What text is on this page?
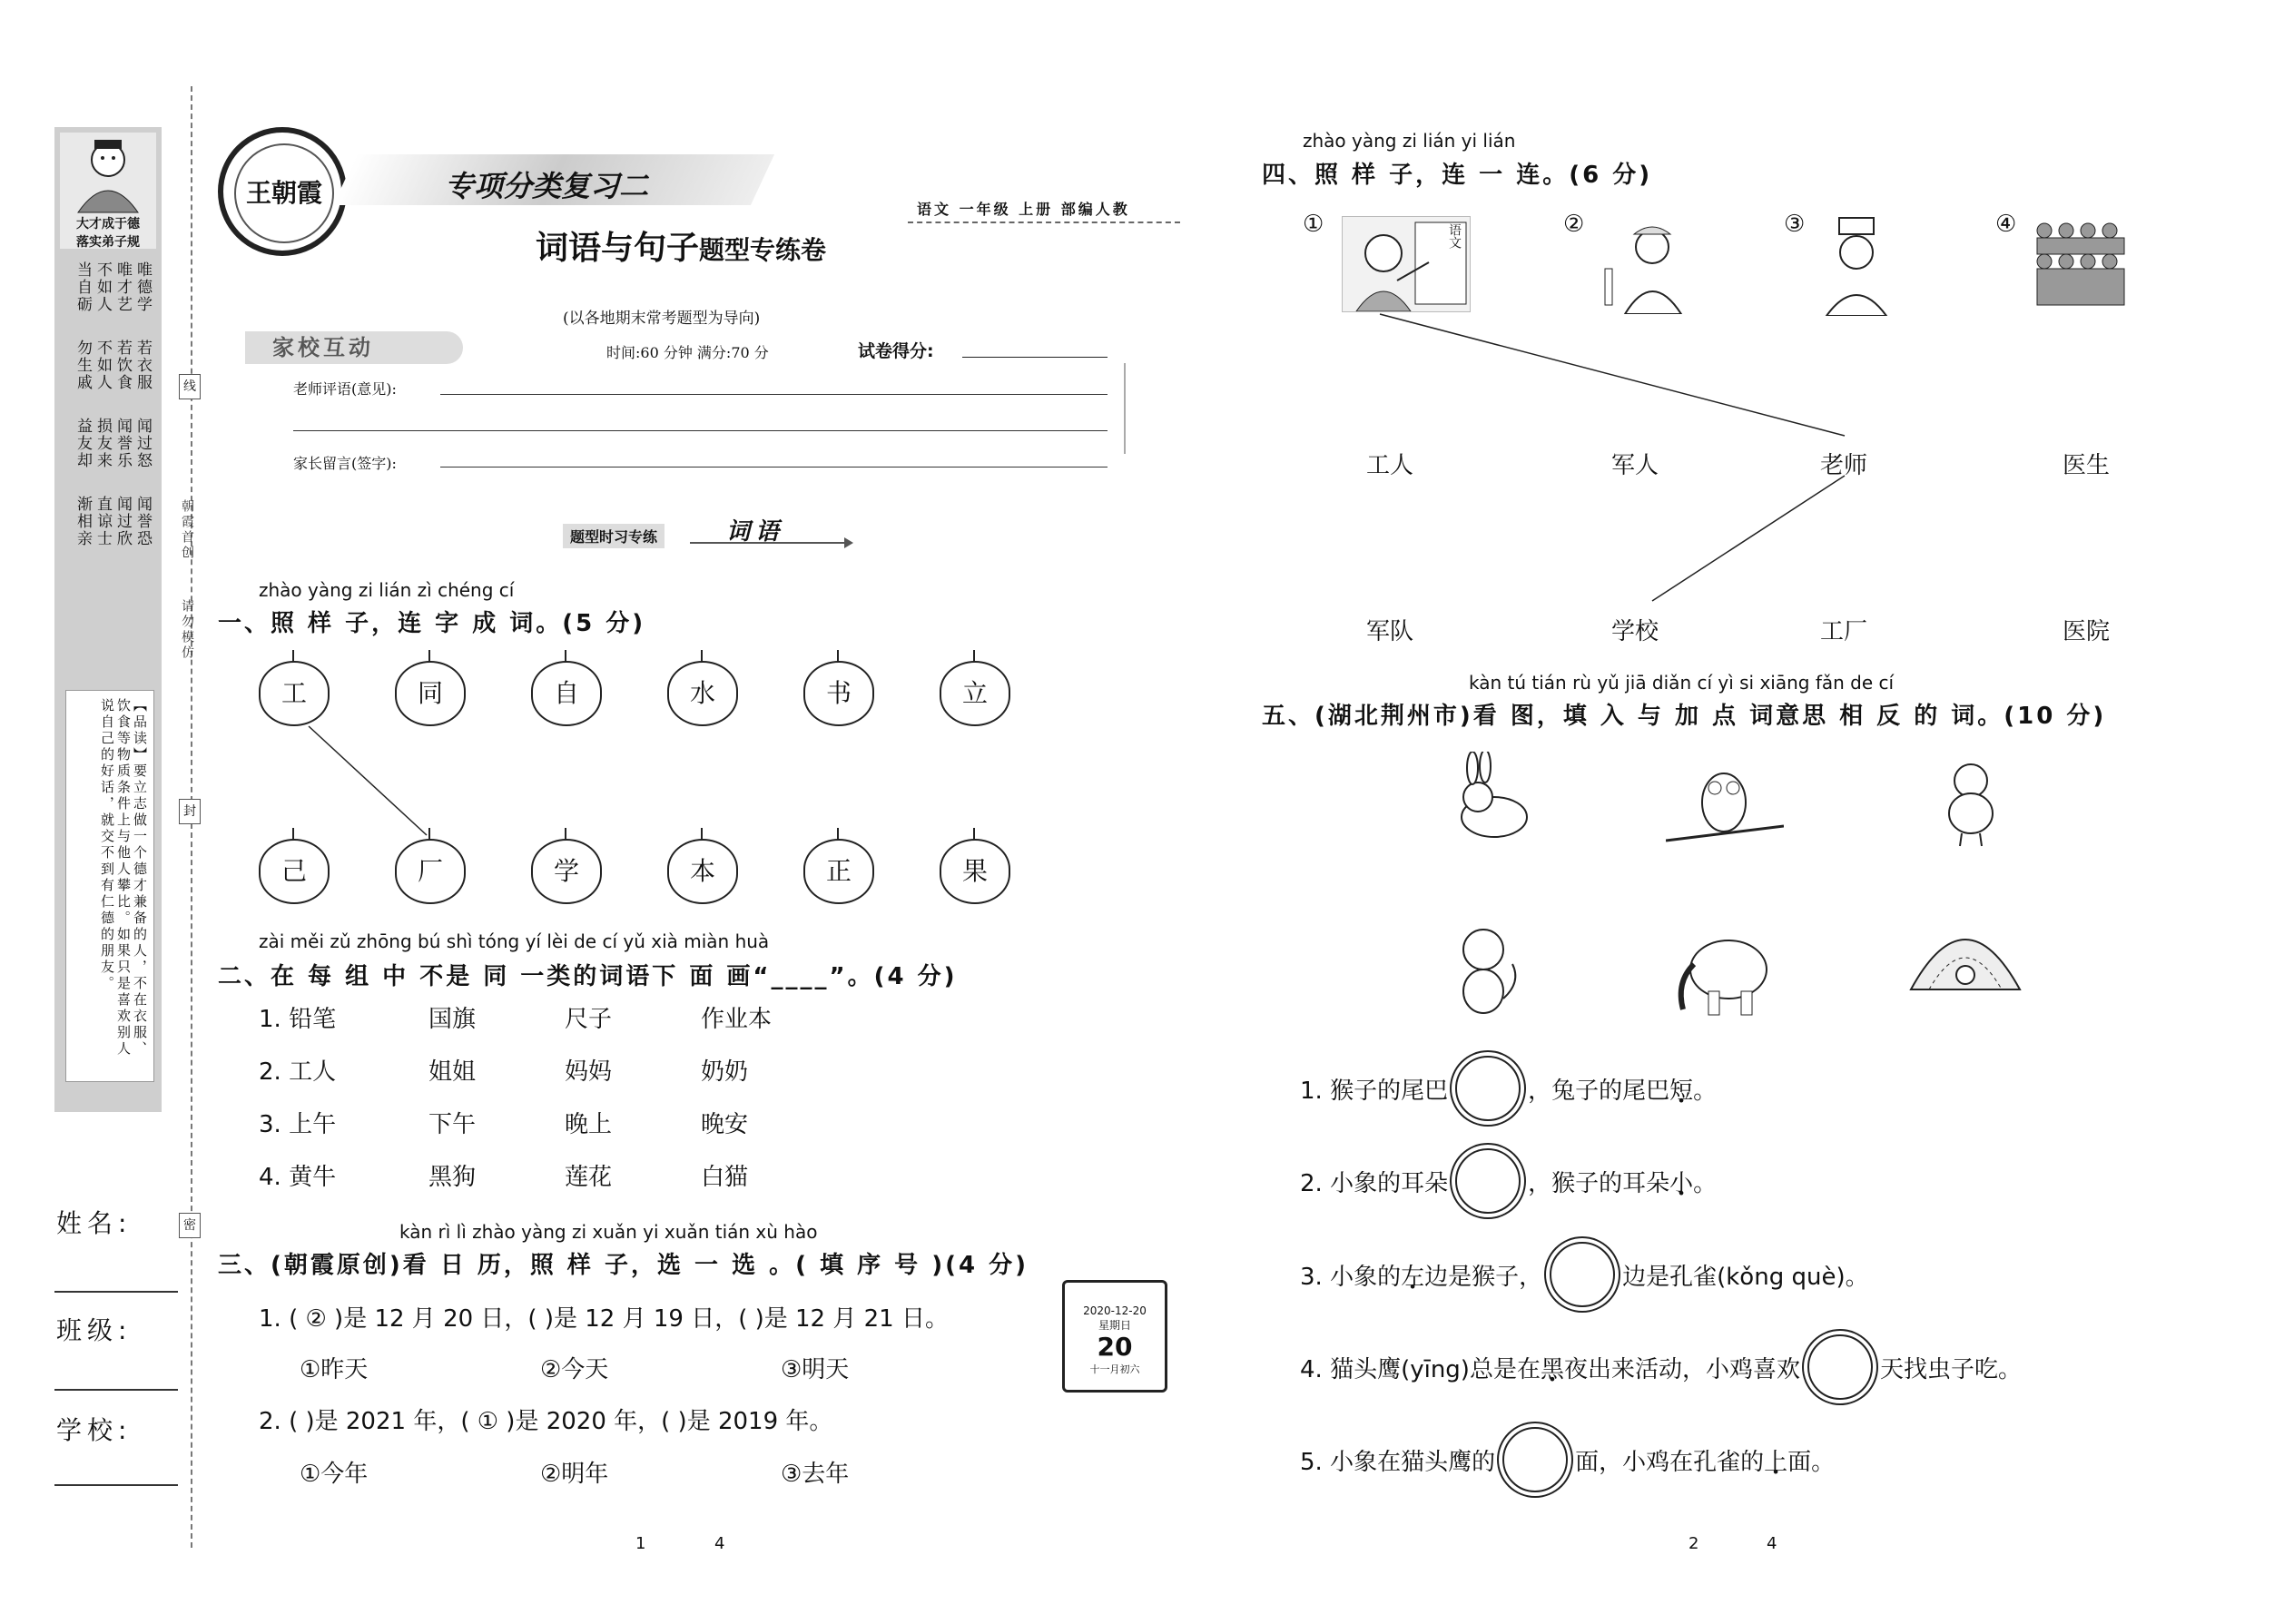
大才成于德
落实弟子规
唯德学
唯才艺
不如人
当自砺
若衣服
若饮食
不如人
勿生戚
闻过怒
闻誉乐
损友来
益友却
闻誉恐
闻过欣
直谅士
渐相亲
【品读】要立志做一个德才兼备的人，不在衣服、饮食等物质条件上与他人攀比。如果只是喜欢别人说自己的好话，就交不到有仁德的朋友。
姓名:
班级:
学校:
线
封
密
朝霞首创
请勿模仿
王朝霞	专项分类复习二
词语与句子题型专练卷
语文 一年级 上册 部编人教
(以各地期末常考题型为导向)
家校互动	时间:60 分钟 满分:70 分	试卷得分:
老师评语(意见):
家长留言(签字):
题型时习专练	词语
zhào yàng zi lián zì chéng cí
一、照 样 子，连 字 成 词。(5 分)
zài měi zǔ zhōng bú shì tóng yí lèi de cí yǔ xià miàn huà
二、在 每 组 中 不是 同 一类的词语下 面 画“____”。(4 分)
kàn rì lì zhào yàng zi xuǎn yi xuǎn tián xù hào
三、(朝霞原创)看 日 历，照 样 子，选 一 选 。( 填 序 号 )(4 分)
1. ( ② )是 12 月 20 日，( )是 12 月 19 日，( )是 12 月 21 日。
①昨天	②今天	③明天
2. ( )是 2021 年，( ① )是 2020 年，( )是 2019 年。
①今年	②明年	③去年
2020-12-20
星期日
20
十一月初六
1	4
zhào yàng zi lián yi lián
四、照 样 子，连 一 连。(6 分)
①	语文	②	③	④
kàn tú tián rù yǔ jiā diǎn cí yì si xiāng fǎn de cí
五、(湖北荆州市)看 图，填 入 与 加 点 词意思 相 反 的 词。(10 分)
1. 猴子的尾巴	，兔子的尾巴 短 • 。
2. 小象的耳朵	，猴子的耳朵 小 • 。
3. 小象的 左 • 边是猴子，	边是孔雀(kǒng què)。
4. 猫头鹰(yīng)总是在 黑 • 夜出来活动，小鸡喜欢	天找虫子吃。
5. 小象在猫头鹰的	面，小鸡在孔雀的 上 • 面。
2	4
工	同	自	水	书	立
己	厂	学	本	正	果
1. 铅笔	国旗	尺子	作业本
2. 工人	姐姐	妈妈	奶奶
3. 上午	下午	晚上	晚安
4. 黄牛	黑狗	莲花	白猫
工人	军人	老师	医生
军队	学校	工厂	医院
